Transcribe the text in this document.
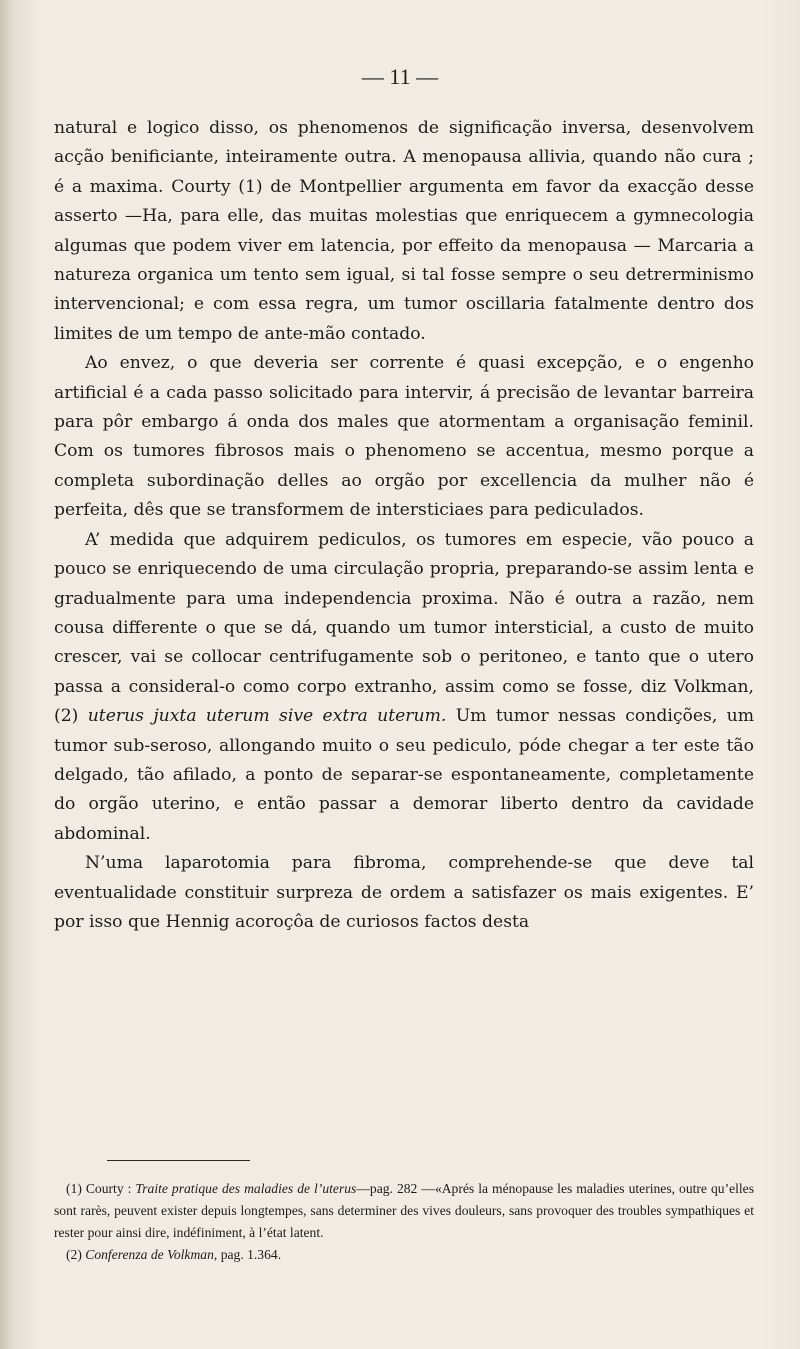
— 11 —

natural e logico disso, os phenomenos de significação inversa, desenvolvem acção benificiante, inteiramente outra. A menopausa allivia, quando não cura ; é a maxima. Courty (1) de Montpellier argumenta em favor da exacção desse asserto —Ha, para elle, das muitas molestias que enriquecem a gymnecologia algumas que podem viver em latencia, por effeito da menopausa — Marcaria a natureza organica um tento sem igual, si tal fosse sempre o seu detrerminismo intervencional; e com essa regra, um tumor oscillaria fatalmente dentro dos limites de um tempo de ante-mão contado.

Ao envez, o que deveria ser corrente é quasi excepção, e o engenho artificial é a cada passo solicitado para intervir, á precisão de levantar barreira para pôr embargo á onda dos males que atormentam a organisação feminil. Com os tumores fibrosos mais o phenomeno se accentua, mesmo porque a completa subordinação delles ao orgão por excellencia da mulher não é perfeita, dês que se transformem de intersticiaes para pediculados.

A’ medida que adquirem pediculos, os tumores em especie, vão pouco a pouco se enriquecendo de uma circulação propria, preparando-se assim lenta e gradualmente para uma independencia proxima. Não é outra a razão, nem cousa differente o que se dá, quando um tumor intersticial, a custo de muito crescer, vai se collocar centrifugamente sob o peritoneo, e tanto que o utero passa a consideral-o como corpo extranho, assim como se fosse, diz Volkman, (2) uterus juxta uterum sive extra uterum. Um tumor nessas condições, um tumor sub-seroso, allongando muito o seu pediculo, póde chegar a ter este tão delgado, tão afilado, a ponto de separar-se espontaneamente, completamente do orgão uterino, e então passar a demorar liberto dentro da cavidade abdominal.

N’uma laparotomia para fibroma, comprehende-se que deve tal eventualidade constituir surpreza de ordem a satisfazer os mais exigentes. E’ por isso que Hennig acoroçôa de curiosos factos desta

(1) Courty : Traite pratique des maladies de l’uterus—pag. 282 —«Aprés la ménopause les maladies uterines, outre qu’elles sont rarès, peuvent exister depuis longtempes, sans determiner des vives douleurs, sans provoquer des troubles sympathiques et rester pour ainsi dire, indéfiniment, à l’état latent.

(2) Conferenza de Volkman, pag. 1.364.
